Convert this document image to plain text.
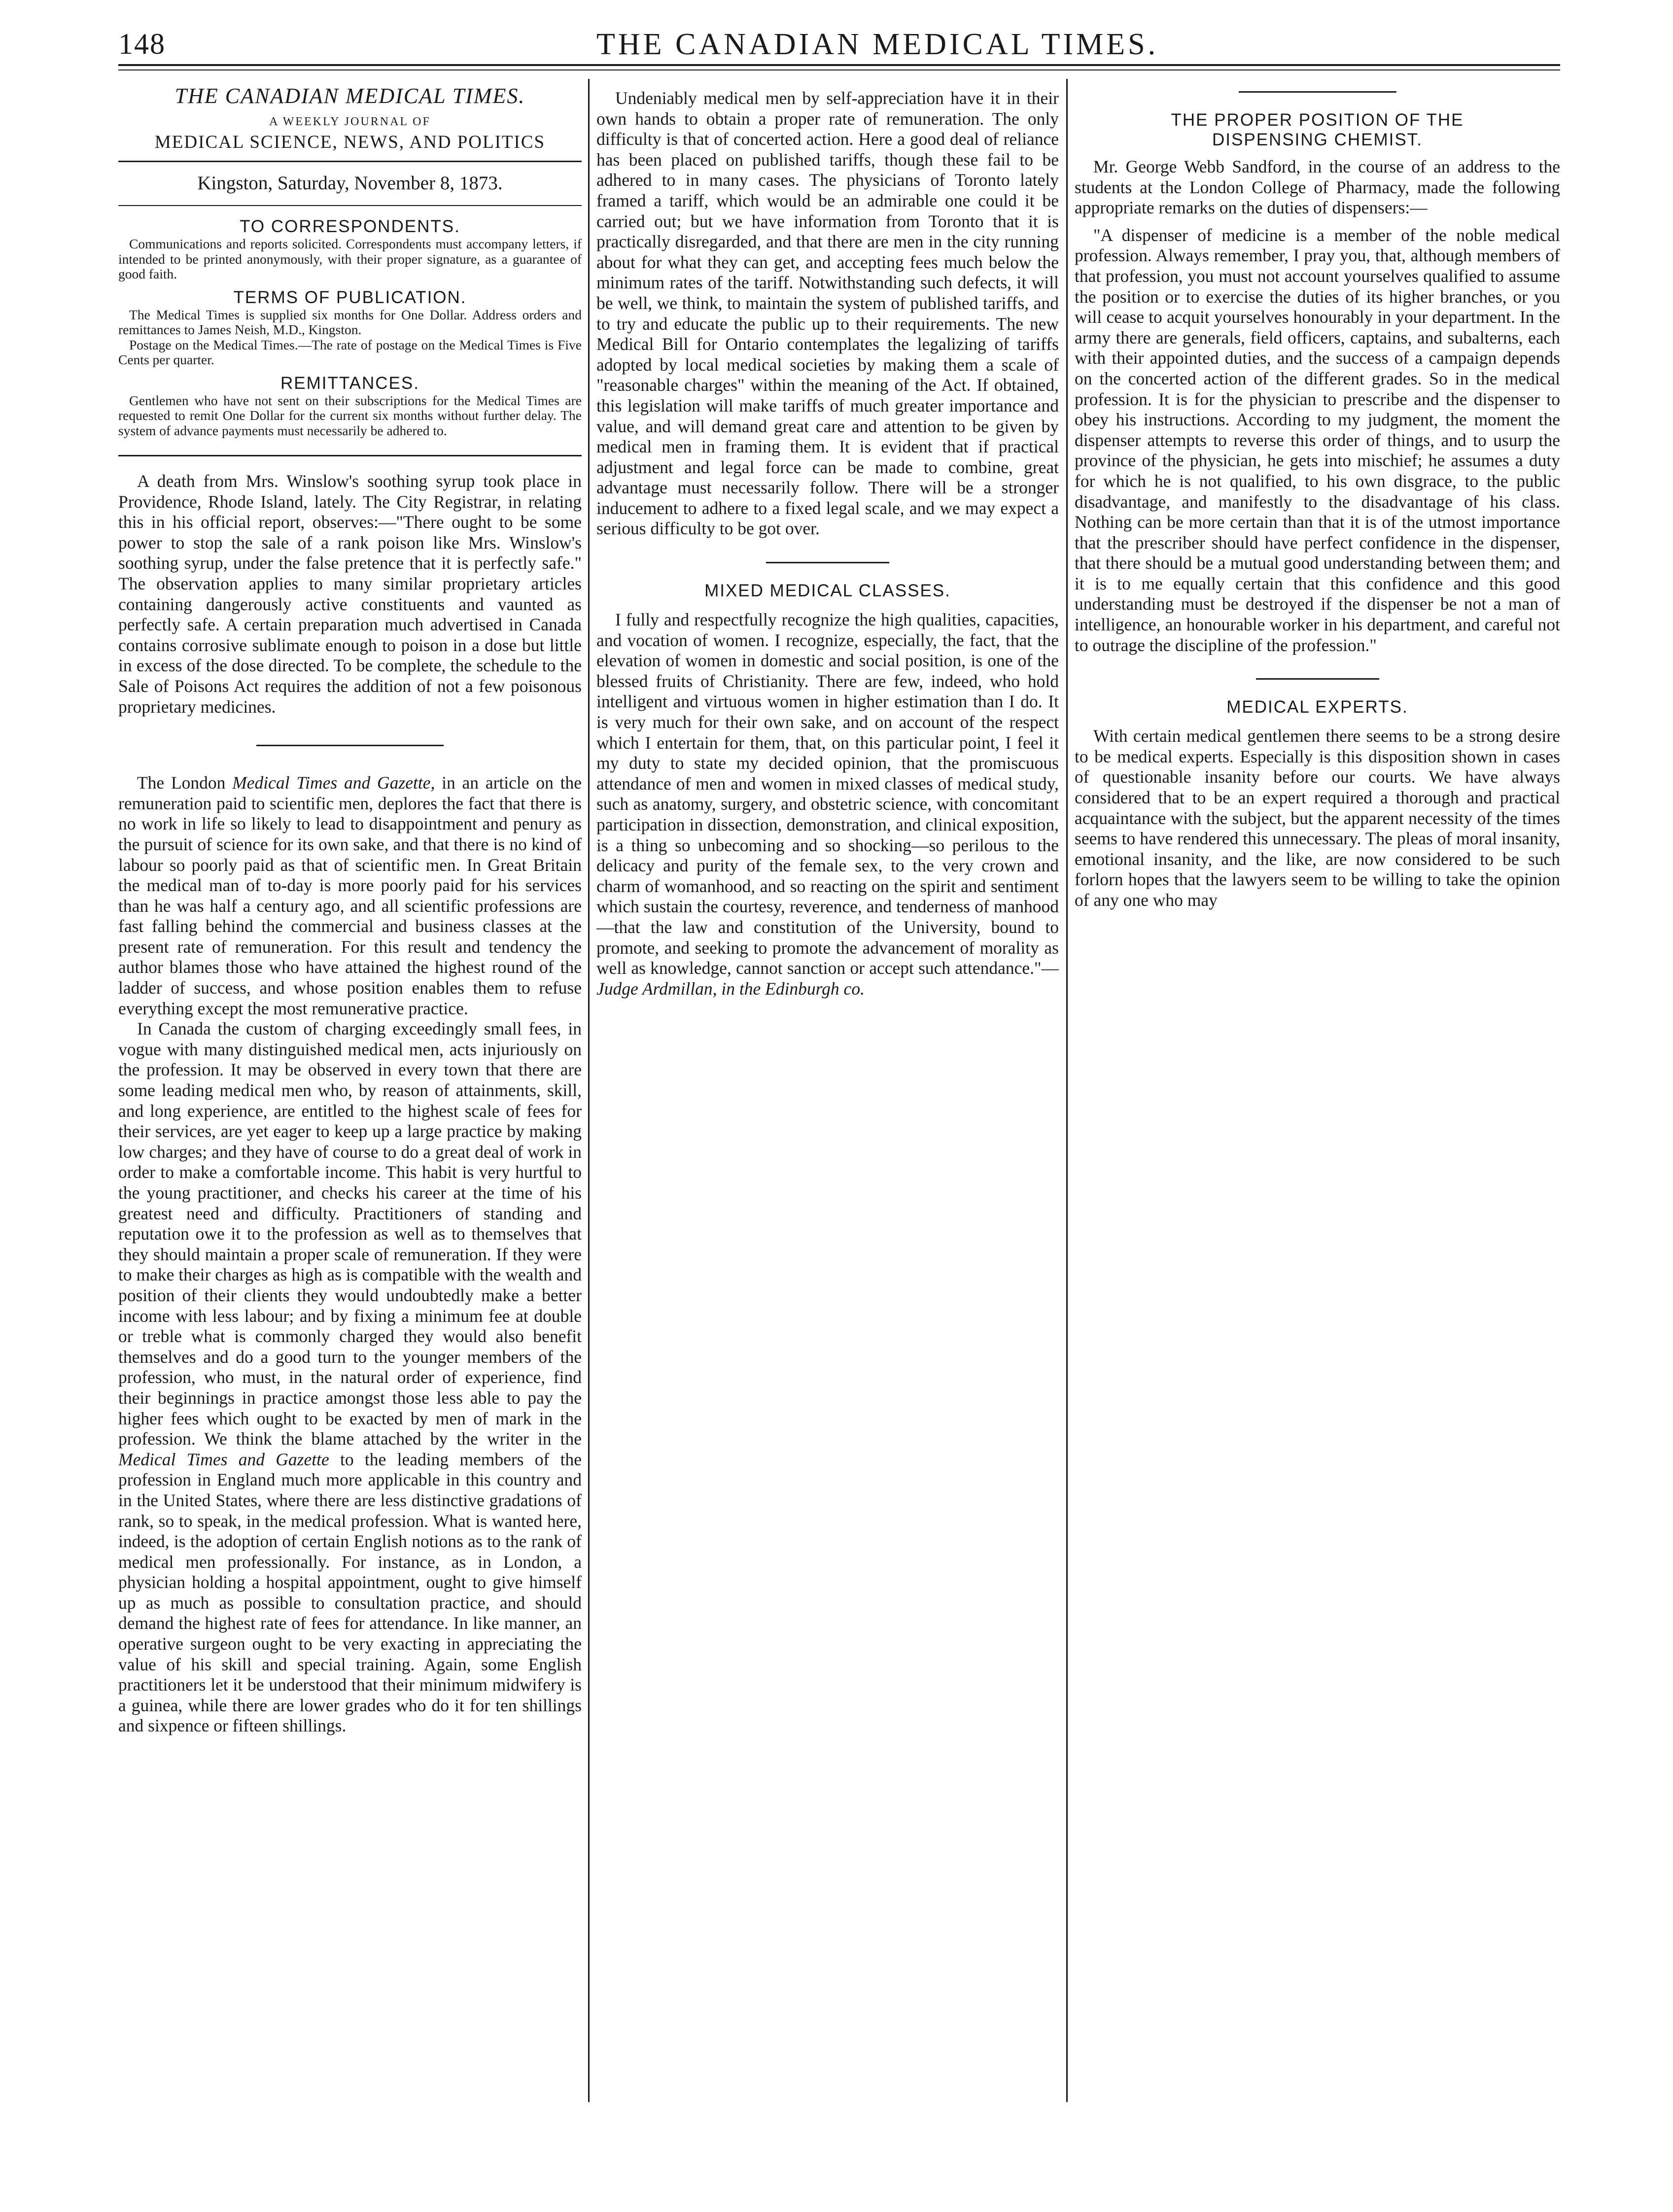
148	THE CANADIAN MEDICAL TIMES.
THE CANADIAN MEDICAL TIMES.
A WEEKLY JOURNAL OF
MEDICAL SCIENCE, NEWS, AND POLITICS
Kingston, Saturday, November 8, 1873.
TO CORRESPONDENTS.

Communications and reports solicited. Correspondents must accompany letters, if intended to be printed anonymously, with their proper signature, as a guarantee of good faith.

TERMS OF PUBLICATION.

The Medical Times is supplied six months for One Dollar. Address orders and remittances to James Neish, M.D., Kingston.

Postage on the Medical Times.—The rate of postage on the Medical Times is Five Cents per quarter.

REMITTANCES.

Gentlemen who have not sent on their subscriptions for the Medical Times are requested to remit One Dollar for the current six months without further delay. The system of advance payments must necessarily be adhered to.

A death from Mrs. Winslow's soothing syrup took place in Providence, Rhode Island, lately. The City Registrar, in relating this in his official report, observes:—"There ought to be some power to stop the sale of a rank poison like Mrs. Winslow's soothing syrup, under the false pretence that it is perfectly safe." The observation applies to many similar proprietary articles containing dangerously active constituents and vaunted as perfectly safe. A certain preparation much advertised in Canada contains corrosive sublimate enough to poison in a dose but little in excess of the dose directed. To be complete, the schedule to the Sale of Poisons Act requires the addition of not a few poisonous proprietary medicines.

The London Medical Times and Gazette, in an article on the remuneration paid to scientific men, deplores the fact that there is no work in life so likely to lead to disappointment and penury as the pursuit of science for its own sake, and that there is no kind of labour so poorly paid as that of scientific men. In Great Britain the medical man of to-day is more poorly paid for his services than he was half a century ago, and all scientific professions are fast falling behind the commercial and business classes at the present rate of remuneration. For this result and tendency the author blames those who have attained the highest round of the ladder of success, and whose position enables them to refuse everything except the most remunerative practice.

In Canada the custom of charging exceedingly small fees, in vogue with many distinguished medical men, acts injuriously on the profession. It may be observed in every town that there are some leading medical men who, by reason of attainments, skill, and long experience, are entitled to the highest scale of fees for their services, are yet eager to keep up a large practice by making low charges; and they have of course to do a great deal of work in order to make a comfortable income. This habit is very hurtful to the young practitioner, and checks his career at the time of his greatest need and difficulty. Practitioners of standing and reputation owe it to the profession as well as to themselves that they should maintain a proper scale of remuneration. If they were to make their charges as high as is compatible with the wealth and position of their clients they would undoubtedly make a better income with less labour; and by fixing a minimum fee at double or treble what is commonly charged they would also benefit themselves and do a good turn to the younger members of the profession, who must, in the natural order of experience, find their beginnings in practice amongst those less able to pay the higher fees which ought to be exacted by men of mark in the profession. We think the blame attached by the writer in the Medical Times and Gazette to the leading members of the profession in England much more applicable in this country and in the United States, where there are less distinctive gradations of rank, so to speak, in the medical profession. What is wanted here, indeed, is the adoption of certain English notions as to the rank of medical men professionally. For instance, as in London, a physician holding a hospital appointment, ought to give himself up as much as possible to consultation practice, and should demand the highest rate of fees for attendance. In like manner, an operative surgeon ought to be very exacting in appreciating the value of his skill and special training. Again, some English practitioners let it be understood that their minimum midwifery is a guinea, while there are lower grades who do it for ten shillings and sixpence or fifteen shillings.

Undeniably medical men by self-appreciation have it in their own hands to obtain a proper rate of remuneration. The only difficulty is that of concerted action. Here a good deal of reliance has been placed on published tariffs, though these fail to be adhered to in many cases. The physicians of Toronto lately framed a tariff, which would be an admirable one could it be carried out; but we have information from Toronto that it is practically disregarded, and that there are men in the city running about for what they can get, and accepting fees much below the minimum rates of the tariff. Notwithstanding such defects, it will be well, we think, to maintain the system of published tariffs, and to try and educate the public up to their requirements. The new Medical Bill for Ontario contemplates the legalizing of tariffs adopted by local medical societies by making them a scale of "reasonable charges" within the meaning of the Act. If obtained, this legislation will make tariffs of much greater importance and value, and will demand great care and attention to be given by medical men in framing them. It is evident that if practical adjustment and legal force can be made to combine, great advantage must necessarily follow. There will be a stronger inducement to adhere to a fixed legal scale, and we may expect a serious difficulty to be got over.

MIXED MEDICAL CLASSES.

I fully and respectfully recognize the high qualities, capacities, and vocation of women. I recognize, especially, the fact, that the elevation of women in domestic and social position, is one of the blessed fruits of Christianity. There are few, indeed, who hold intelligent and virtuous women in higher estimation than I do. It is very much for their own sake, and on account of the respect which I entertain for them, that, on this particular point, I feel it my duty to state my decided opinion, that the promiscuous attendance of men and women in mixed classes of medical study, such as anatomy, surgery, and obstetric science, with concomitant participation in dissection, demonstration, and clinical exposition, is a thing so unbecoming and so shocking—so perilous to the delicacy and purity of the female sex, to the very crown and charm of womanhood, and so reacting on the spirit and sentiment which sustain the courtesy, reverence, and tenderness of manhood—that the law and constitution of the University, bound to promote, and seeking to promote the advancement of morality as well as knowledge, cannot sanction or accept such attendance."—Judge Ardmillan, in the Edinburgh co.

THE PROPER POSITION OF THE
DISPENSING CHEMIST.

Mr. George Webb Sandford, in the course of an address to the students at the London College of Pharmacy, made the following appropriate remarks on the duties of dispensers:—

"A dispenser of medicine is a member of the noble medical profession. Always remember, I pray you, that, although members of that profession, you must not account yourselves qualified to assume the position or to exercise the duties of its higher branches, or you will cease to acquit yourselves honourably in your department. In the army there are generals, field officers, captains, and subalterns, each with their appointed duties, and the success of a campaign depends on the concerted action of the different grades. So in the medical profession. It is for the physician to prescribe and the dispenser to obey his instructions. According to my judgment, the moment the dispenser attempts to reverse this order of things, and to usurp the province of the physician, he gets into mischief; he assumes a duty for which he is not qualified, to his own disgrace, to the public disadvantage, and manifestly to the disadvantage of his class. Nothing can be more certain than that it is of the utmost importance that the prescriber should have perfect confidence in the dispenser, that there should be a mutual good understanding between them; and it is to me equally certain that this confidence and this good understanding must be destroyed if the dispenser be not a man of intelligence, an honourable worker in his department, and careful not to outrage the discipline of the profession."

MEDICAL EXPERTS.

With certain medical gentlemen there seems to be a strong desire to be medical experts. Especially is this disposition shown in cases of questionable insanity before our courts. We have always considered that to be an expert required a thorough and practical acquaintance with the subject, but the apparent necessity of the times seems to have rendered this unnecessary. The pleas of moral insanity, emotional insanity, and the like, are now considered to be such forlorn hopes that the lawyers seem to be willing to take the opinion of any one who may
